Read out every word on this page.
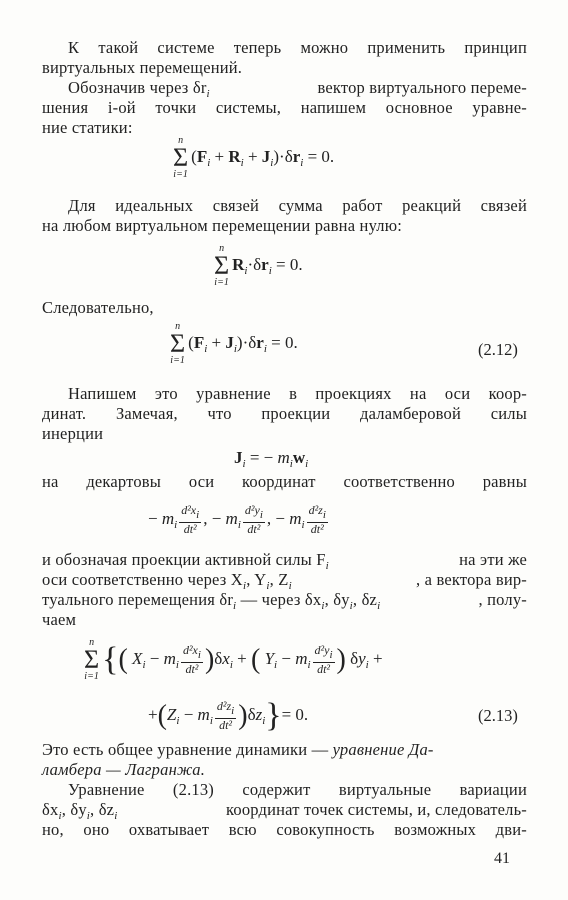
К такой системе теперь можно применить принцип
виртуальных перемещений.
Обозначив через $\delta r_i$	вектор виртуального переме-
шения i-ой точки системы, напишем основное уравне-
ние статики:
n
Σ
i=1
$(F_i + R_i + J_i)\cdot\delta r_i = 0$.
Для идеальных связей сумма работ реакций связей
на любом виртуальном перемещении равна нулю:
n
Σ
i=1
$R_i\cdot\delta r_i = 0$.
Следовательно,
n
Σ
i=1
$(F_i + J_i)\cdot\delta r_i = 0$.	(2.12)
Напишем это уравнение в проекциях на оси коор-
динат. Замечая, что проекции даламберовой силы
инерции
$J_i$ = − $m_iw_i$
на декартовы оси координат соответственно равны
− $m_i \frac{\text{d²xi}}{\text{dt²}}$ , − $m_i \frac{\text{d²yi}}{\text{dt²}}$ , − $m_i \frac{\text{d²zi}}{\text{dt²}}$
и обозначая проекции активной силы $F_i$	на эти же
оси соответственно через $X_i$, $Y_i$, $Z_i$	, а вектора вир-
туального перемещения $\delta r_i$ — через $\delta x_i$, $\delta y_i$, $\delta z_i$	, полу-
чаем
n
Σ
i=1 {( $X_i - m_i \frac{\text{d²xi}}{\text{dt²}} )\delta x_i$ + ( $Y_i - m_i \frac{\text{d²yi}}{\text{dt²}}$ ) $\delta y_i$ +
$+(Z_i - m_i \frac{\text{d²zi}}{\text{dt²}} )\delta z_i\}= 0$.	(2.13)
Это есть общее уравнение динамики — уравнение Да-
ламбера — Лагранжа.
Уравнение (2.13) содержит виртуальные вариации
$\delta x_i$, $\delta y_i$, $\delta z_i$	координат точек системы, и, следователь-
но, оно охватывает всю совокупность возможных дви-
41
